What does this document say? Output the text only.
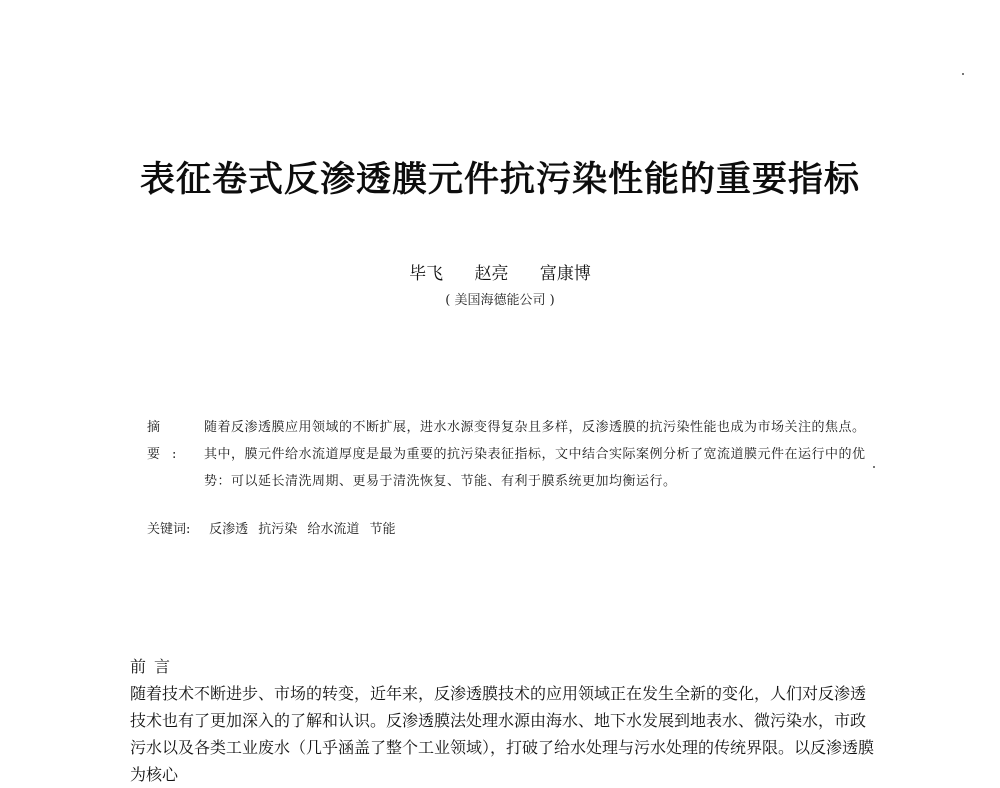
表征卷式反渗透膜元件抗污染性能的重要指标
毕飞 赵亮 富康博
( 美国海德能公司 )
摘 要:
随着反渗透膜应用领域的不断扩展，进水水源变得复杂且多样，反渗透膜的抗污染性能也成为市场关注的焦点。其中，膜元件给水流道厚度是最为重要的抗污染表征指标，文中结合实际案例分析了宽流道膜元件在运行中的优势：可以延长清洗周期、更易于清洗恢复、节能、有利于膜系统更加均衡运行。
关键词: 反渗透 抗污染 给水流道 节能
前言
随着技术不断进步、市场的转变，近年来，反渗透膜技术的应用领域正在发生全新的变化，人们对反渗透技术也有了更加深入的了解和认识。反渗透膜法处理水源由海水、地下水发展到地表水、微污染水，市政污水以及各类工业废水（几乎涵盖了整个工业领域），打破了给水处理与污水处理的传统界限。以反渗透膜为核心
